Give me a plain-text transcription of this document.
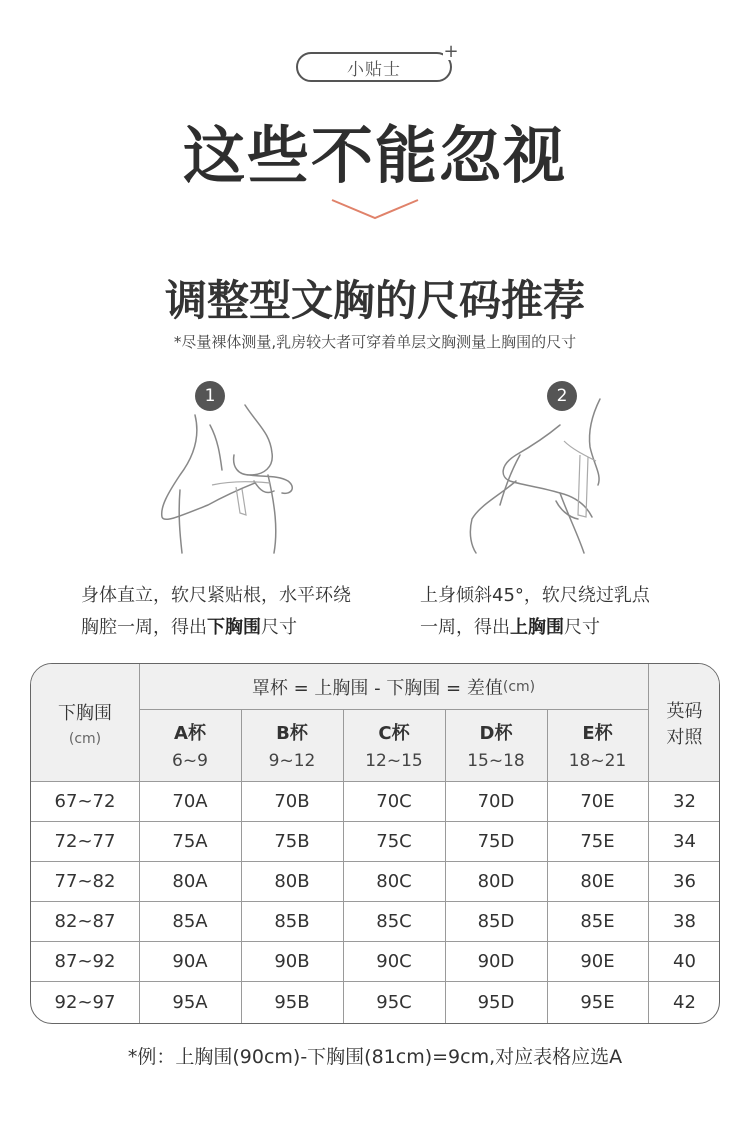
小贴士
+
这些不能忽视
调整型文胸的尺码推荐
*尽量裸体测量,乳房较大者可穿着单层文胸测量上胸围的尺寸
1
身体直立，软尺紧贴根，水平环绕
胸腔一周，得出下胸围尺寸
2
上身倾斜45°，软尺绕过乳点
一周，得出上胸围尺寸
下胸围
(cm)
罩杯 = 上胸围 - 下胸围 = 差值 (cm)
英码
对照
A杯
6~9
B杯
9~12
C杯
12~15
D杯
15~18
E杯
18~21
67~72	70A	70B	70C	70D	70E	32
72~77	75A	75B	75C	75D	75E	34
77~82	80A	80B	80C	80D	80E	36
82~87	85A	85B	85C	85D	85E	38
87~92	90A	90B	90C	90D	90E	40
92~97	95A	95B	95C	95D	95E	42
*例：上胸围(90cm)-下胸围(81cm)=9cm,对应表格应选A
